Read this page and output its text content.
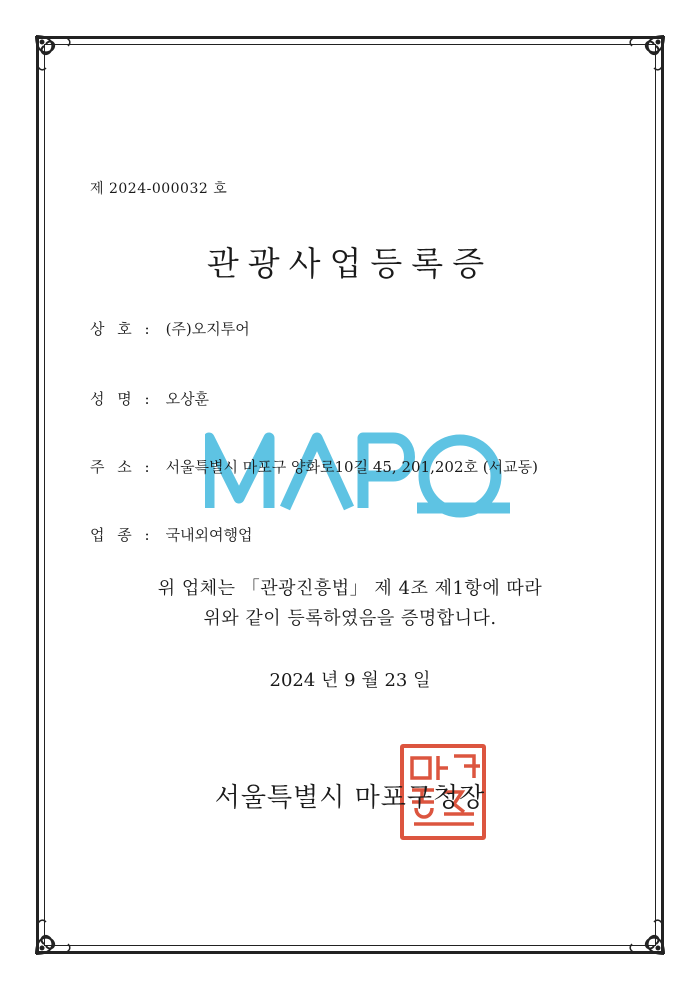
제 2024-000032 호
관광사업등록증
상 호 : (주)오지투어
성 명 : 오상훈
주 소 : 서울특별시 마포구 양화로10길 45, 201,202호 (서교동)
업 종 : 국내외여행업
위 업체는 「관광진흥법」 제 4조 제1항에 따라
위와 같이 등록하였음을 증명합니다.
2024 년 9 월 23 일
서울특별시 마포구청장
